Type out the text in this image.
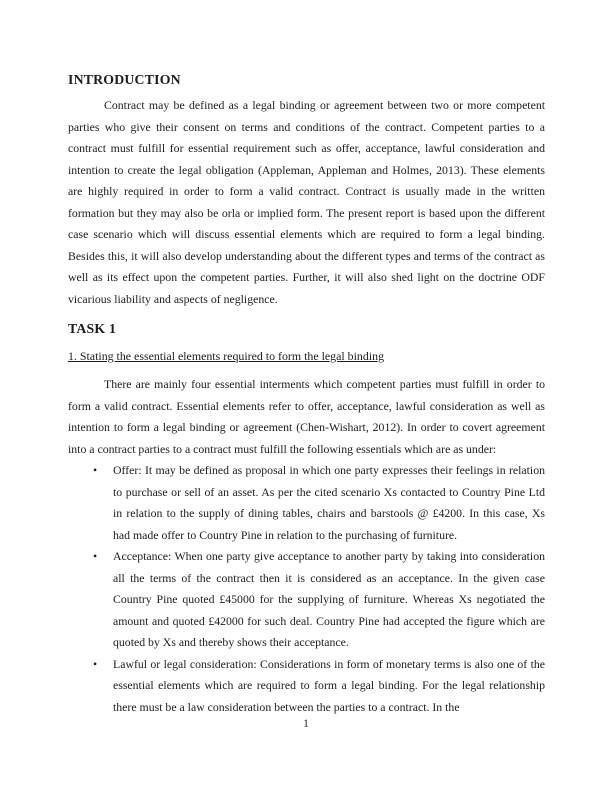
INTRODUCTION

Contract may be defined as a legal binding or agreement between two or more competent parties who give their consent on terms and conditions of the contract. Competent parties to a contract must fulfill for essential requirement such as offer, acceptance, lawful consideration and intention to create the legal obligation (Appleman, Appleman and Holmes, 2013). These elements are highly required in order to form a valid contract. Contract is usually made in the written formation but they may also be orla or implied form. The present report is based upon the different case scenario which will discuss essential elements which are required to form a legal binding. Besides this, it will also develop understanding about the different types and terms of the contract as well as its effect upon the competent parties. Further, it will also shed light on the doctrine ODF vicarious liability and aspects of negligence.

TASK 1
1. Stating the essential elements required to form the legal binding

There are mainly four essential interments which competent parties must fulfill in order to form a valid contract. Essential elements refer to offer, acceptance, lawful consideration as well as intention to form a legal binding or agreement (Chen-Wishart, 2012). In order to covert agreement into a contract parties to a contract must fulfill the following essentials which are as under:

• Offer: It may be defined as proposal in which one party expresses their feelings in relation to purchase or sell of an asset. As per the cited scenario Xs contacted to Country Pine Ltd in relation to the supply of dining tables, chairs and barstools @ £4200. In this case, Xs had made offer to Country Pine in relation to the purchasing of furniture.
• Acceptance: When one party give acceptance to another party by taking into consideration all the terms of the contract then it is considered as an acceptance. In the given case Country Pine quoted £45000 for the supplying of furniture. Whereas Xs negotiated the amount and quoted £42000 for such deal. Country Pine had accepted the figure which are quoted by Xs and thereby shows their acceptance.
• Lawful or legal consideration: Considerations in form of monetary terms is also one of the essential elements which are required to form a legal binding. For the legal relationship there must be a law consideration between the parties to a contract. In the
1
